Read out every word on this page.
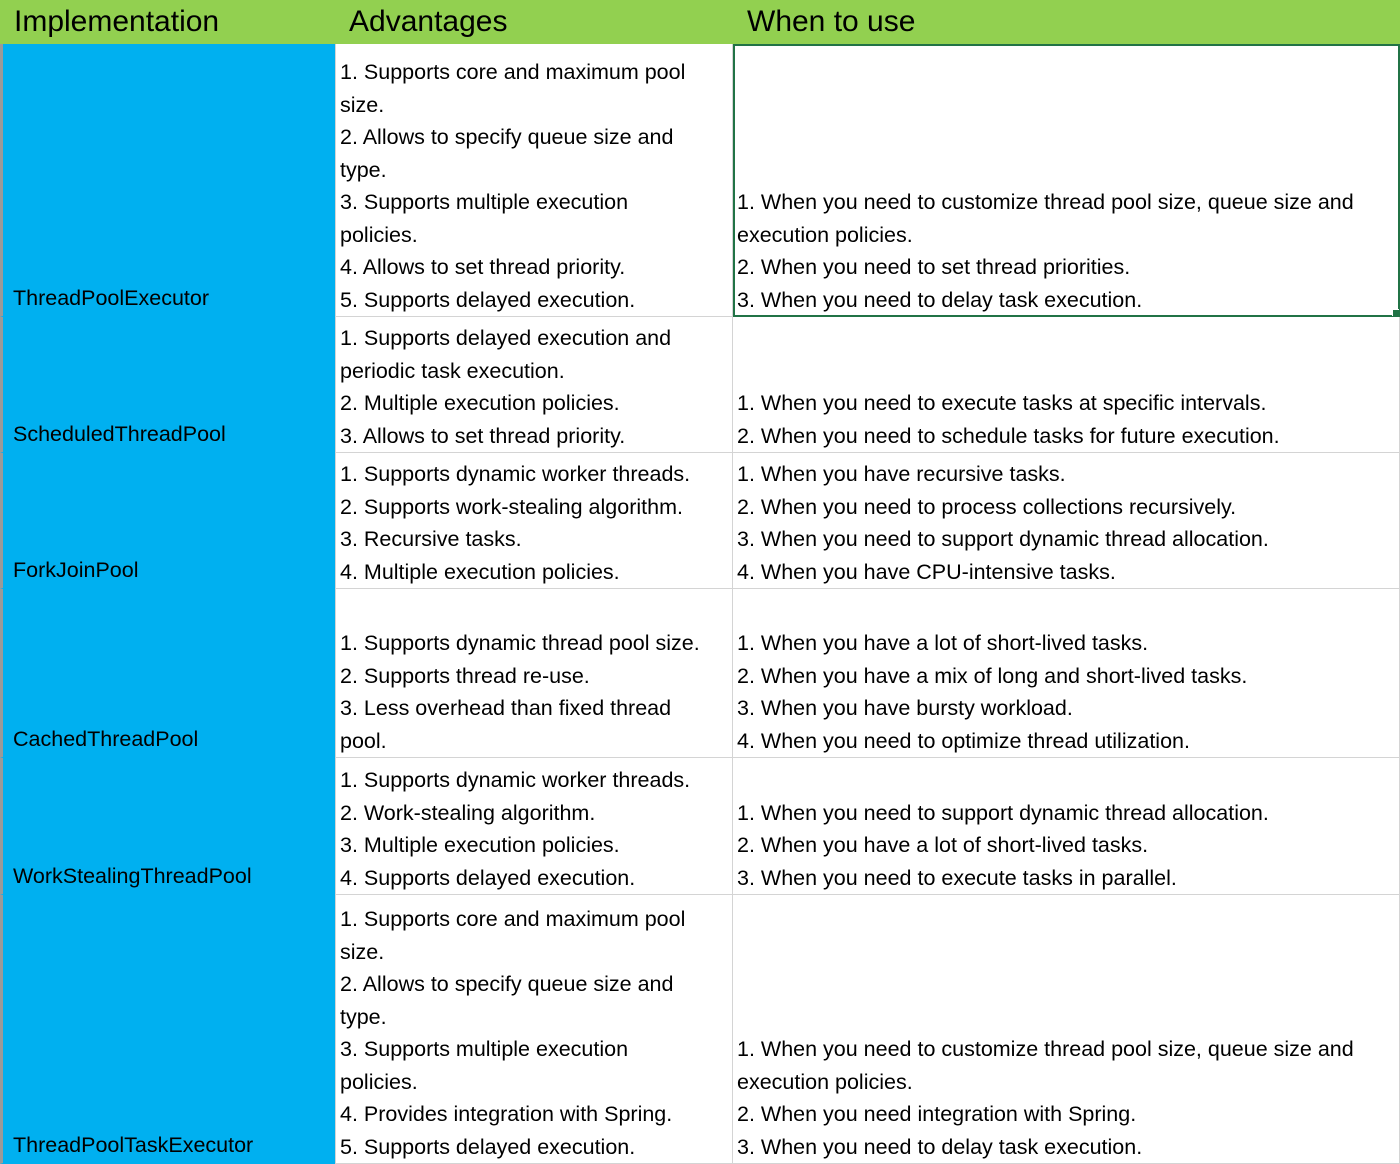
Implementation	Advantages	When to use
ThreadPoolExecutor
1. Supports core and maximum pool
size.
2. Allows to specify queue size and
type.
3. Supports multiple execution
policies.
4. Allows to set thread priority.
5. Supports delayed execution.
1. When you need to customize thread pool size, queue size and
execution policies.
2. When you need to set thread priorities.
3. When you need to delay task execution.
ScheduledThreadPool
1. Supports delayed execution and
periodic task execution.
2. Multiple execution policies.
3. Allows to set thread priority.
1. When you need to execute tasks at specific intervals.
2. When you need to schedule tasks for future execution.
ForkJoinPool
1. Supports dynamic worker threads.
2. Supports work-stealing algorithm.
3. Recursive tasks.
4. Multiple execution policies.
1. When you have recursive tasks.
2. When you need to process collections recursively.
3. When you need to support dynamic thread allocation.
4. When you have CPU-intensive tasks.
CachedThreadPool
1. Supports dynamic thread pool size.
2. Supports thread re-use.
3. Less overhead than fixed thread
pool.
1. When you have a lot of short-lived tasks.
2. When you have a mix of long and short-lived tasks.
3. When you have bursty workload.
4. When you need to optimize thread utilization.
WorkStealingThreadPool
1. Supports dynamic worker threads.
2. Work-stealing algorithm.
3. Multiple execution policies.
4. Supports delayed execution.
1. When you need to support dynamic thread allocation.
2. When you have a lot of short-lived tasks.
3. When you need to execute tasks in parallel.
ThreadPoolTaskExecutor
1. Supports core and maximum pool
size.
2. Allows to specify queue size and
type.
3. Supports multiple execution
policies.
4. Provides integration with Spring.
5. Supports delayed execution.
1. When you need to customize thread pool size, queue size and
execution policies.
2. When you need integration with Spring.
3. When you need to delay task execution.
